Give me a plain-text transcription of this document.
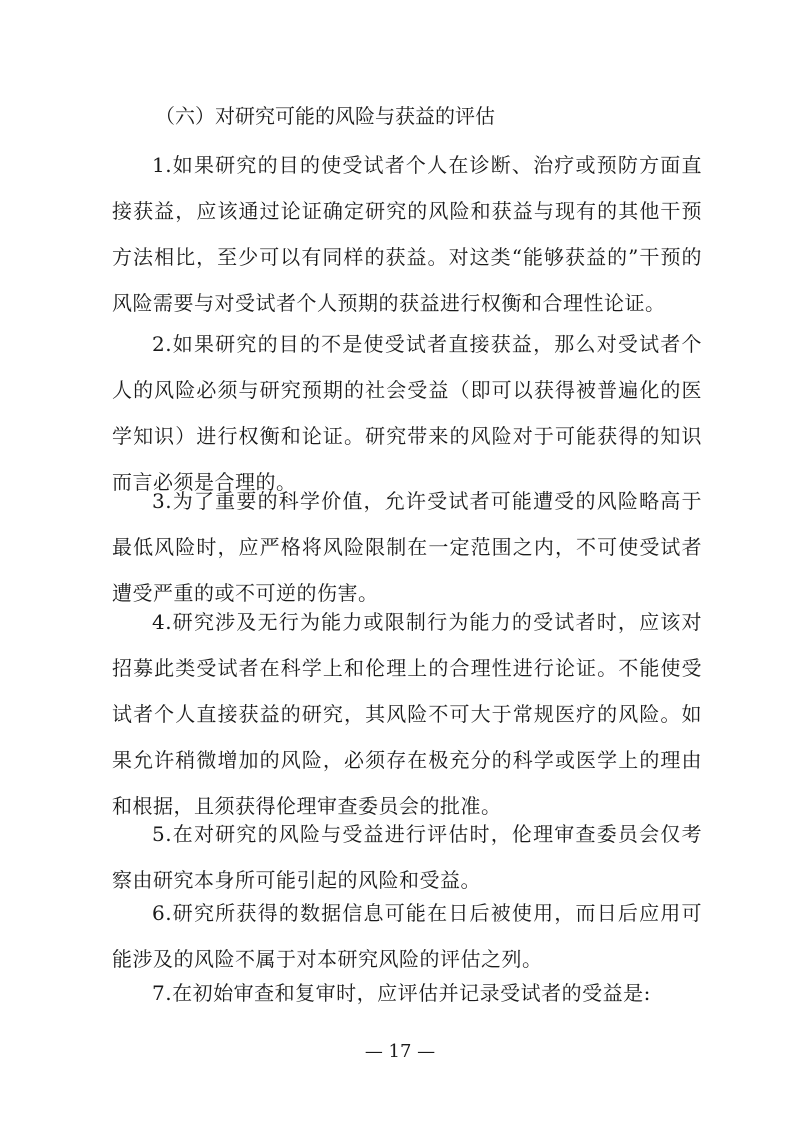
（六）对研究可能的风险与获益的评估
1.如果研究的目的使受试者个人在诊断、治疗或预防方面直接获益，应该通过论证确定研究的风险和获益与现有的其他干预方法相比，至少可以有同样的获益。对这类“能够获益的”干预的风险需要与对受试者个人预期的获益进行权衡和合理性论证。
2.如果研究的目的不是使受试者直接获益，那么对受试者个人的风险必须与研究预期的社会受益（即可以获得被普遍化的医学知识）进行权衡和论证。研究带来的风险对于可能获得的知识而言必须是合理的。
3.为了重要的科学价值，允许受试者可能遭受的风险略高于最低风险时，应严格将风险限制在一定范围之内，不可使受试者遭受严重的或不可逆的伤害。
4.研究涉及无行为能力或限制行为能力的受试者时，应该对招募此类受试者在科学上和伦理上的合理性进行论证。不能使受试者个人直接获益的研究，其风险不可大于常规医疗的风险。如果允许稍微增加的风险，必须存在极充分的科学或医学上的理由和根据，且须获得伦理审查委员会的批准。
5.在对研究的风险与受益进行评估时，伦理审查委员会仅考察由研究本身所可能引起的风险和受益。
6.研究所获得的数据信息可能在日后被使用，而日后应用可能涉及的风险不属于对本研究风险的评估之列。
7.在初始审查和复审时，应评估并记录受试者的受益是:
— 17 —
